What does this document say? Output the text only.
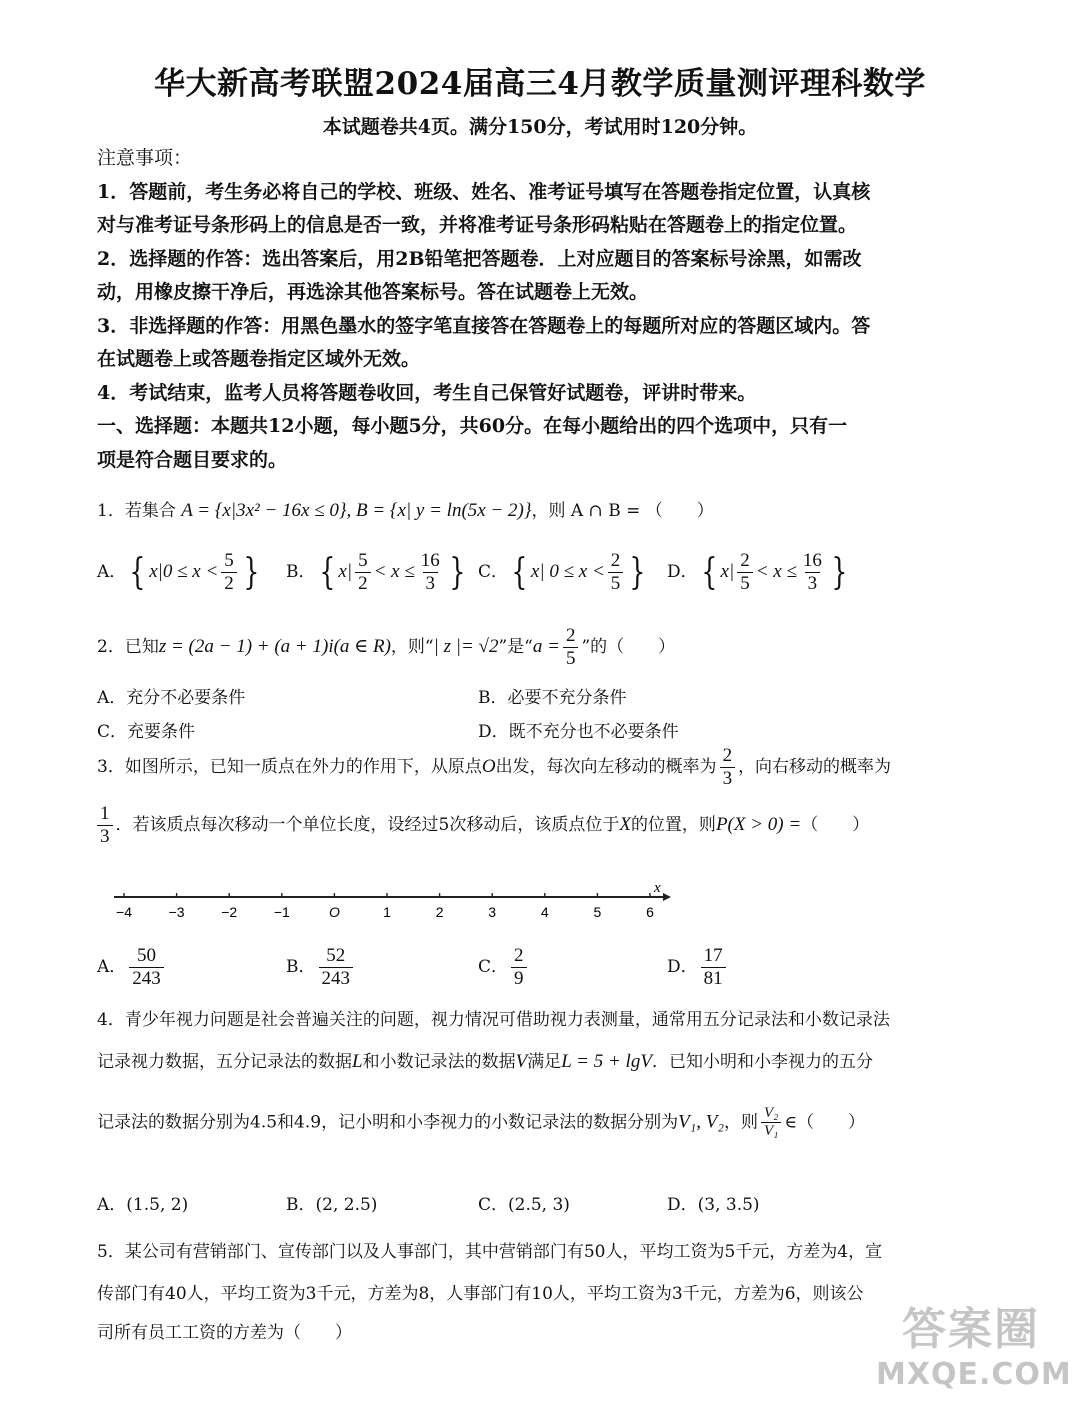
华大新高考联盟2024届高三4月教学质量测评理科数学
本试题卷共4页。满分150分，考试用时120分钟。
注意事项：
1．答题前，考生务必将自己的学校、班级、姓名、准考证号填写在答题卷指定位置，认真核
对与准考证号条形码上的信息是否一致，并将准考证号条形码粘贴在答题卷上的指定位置。
2．选择题的作答：选出答案后，用2B铅笔把答题卷．上对应题目的答案标号涂黑，如需改
动，用橡皮擦干净后，再选涂其他答案标号。答在试题卷上无效。
3．非选择题的作答：用黑色墨水的签字笔直接答在答题卷上的每题所对应的答题区域内。答
在试题卷上或答题卷指定区域外无效。
4．考试结束，监考人员将答题卷收回，考生自己保管好试题卷，评讲时带来。
一、选择题：本题共12小题，每小题5分，共60分。在每小题给出的四个选项中，只有一
项是符合题目要求的。
1．若集合 A = {x|3x² − 16x ≤ 0}, B = {x| y = ln(5x − 2)}，则 A ∩ B = （　　）
A．{ $x|0 \le x < \frac{5}{2}$ } B．{ $x| \frac{5}{2} < x \le \frac{16}{3}$ } C．{ x| $0 \le x < \frac{2}{5}$ } D．{ $x| \frac{2}{5} < x \le \frac{16}{3}$ }
2．已知z = (2a − 1) + (a + 1)i(a ∈ R)，则“| z |= √2”是“$a = \frac{2}{5}$ ”的（　　）
A．充分不必要条件	B．必要不充分条件
C．充要条件	D．既不充分也不必要条件
3．如图所示，已知一质点在外力的作用下，从原点O出发，每次向左移动的概率为 $\frac{2}{3}$ ，向右移动的概率为
$\frac{1}{3}$ ．若该质点每次移动一个单位长度，设经过5次移动后，该质点位于X的位置，则P(X > 0) =（　　）
x
−4	−3	−2	−1	O	1	2	3	4	5	6
A． $\frac{50}{243}$	B． $\frac{52}{243}$	C． $\frac{2}{9}$	D． $\frac{17}{81}$
4．青少年视力问题是社会普遍关注的问题，视力情况可借助视力表测量，通常用五分记录法和小数记录法
记录视力数据，五分记录法的数据L和小数记录法的数据V满足L = 5 + lgV．已知小明和小李视力的五分
记录法的数据分别为4.5和4.9，记小明和小李视力的小数记录法的数据分别为V₁, V₂，则 $\frac{\text{V₂}}{\text{V₁}}$ ∈（　　）
A．(1.5, 2)	B．(2, 2.5)	C．(2.5, 3)	D．(3, 3.5)
5．某公司有营销部门、宣传部门以及人事部门，其中营销部门有50人，平均工资为5千元，方差为4，宣
传部门有40人，平均工资为3千元，方差为8，人事部门有10人，平均工资为3千元，方差为6，则该公
司所有员工工资的方差为（　　）	答案圈
MXQE.COM
